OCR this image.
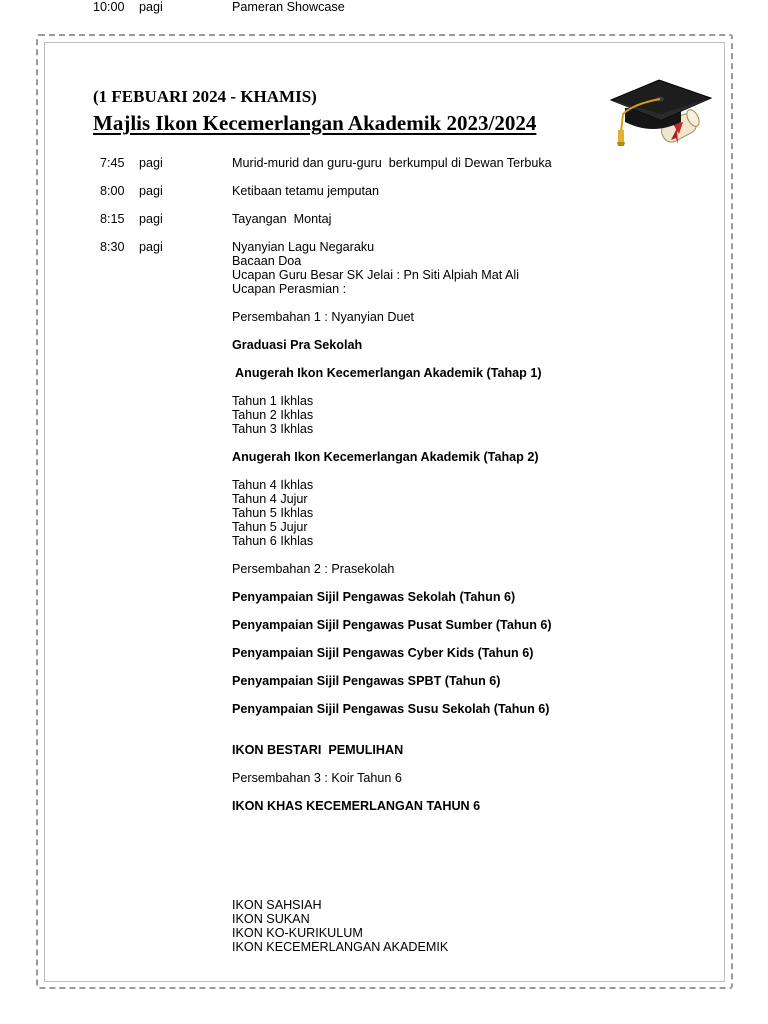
(1 FEBUARI 2024 - KHAMIS)
Majlis Ikon Kecemerlangan Akademik 2023/2024
7:45 pagi	Murid-murid dan guru-guru  berkumpul di Dewan Terbuka
8:00 pagi	Ketibaan tetamu jemputan
8:15 pagi	Tayangan  Montaj
8:30 pagi	Nyanyian Lagu Negaraku
Bacaan Doa
Ucapan Guru Besar SK Jelai : Pn Siti Alpiah Mat Ali
Ucapan Perasmian :
Persembahan 1 : Nyanyian Duet
Graduasi Pra Sekolah
Anugerah Ikon Kecemerlangan Akademik (Tahap 1)
Tahun 1 Ikhlas
Tahun 2 Ikhlas
Tahun 3 Ikhlas
Anugerah Ikon Kecemerlangan Akademik (Tahap 2)
Tahun 4 Ikhlas
Tahun 4 Jujur
Tahun 5 Ikhlas
Tahun 5 Jujur
Tahun 6 Ikhlas
Persembahan 2 : Prasekolah
Penyampaian Sijil Pengawas Sekolah (Tahun 6)
Penyampaian Sijil Pengawas Pusat Sumber (Tahun 6)
Penyampaian Sijil Pengawas Cyber Kids (Tahun 6)
Penyampaian Sijil Pengawas SPBT (Tahun 6)
Penyampaian Sijil Pengawas Susu Sekolah (Tahun 6)
IKON BESTARI  PEMULIHAN
Persembahan 3 : Koir Tahun 6
IKON KHAS KECEMERLANGAN TAHUN 6
IKON SAHSIAH
IKON SUKAN
IKON KO-KURIKULUM
IKON KECEMERLANGAN AKADEMIK
10:00 pagi	Pameran Showcase
